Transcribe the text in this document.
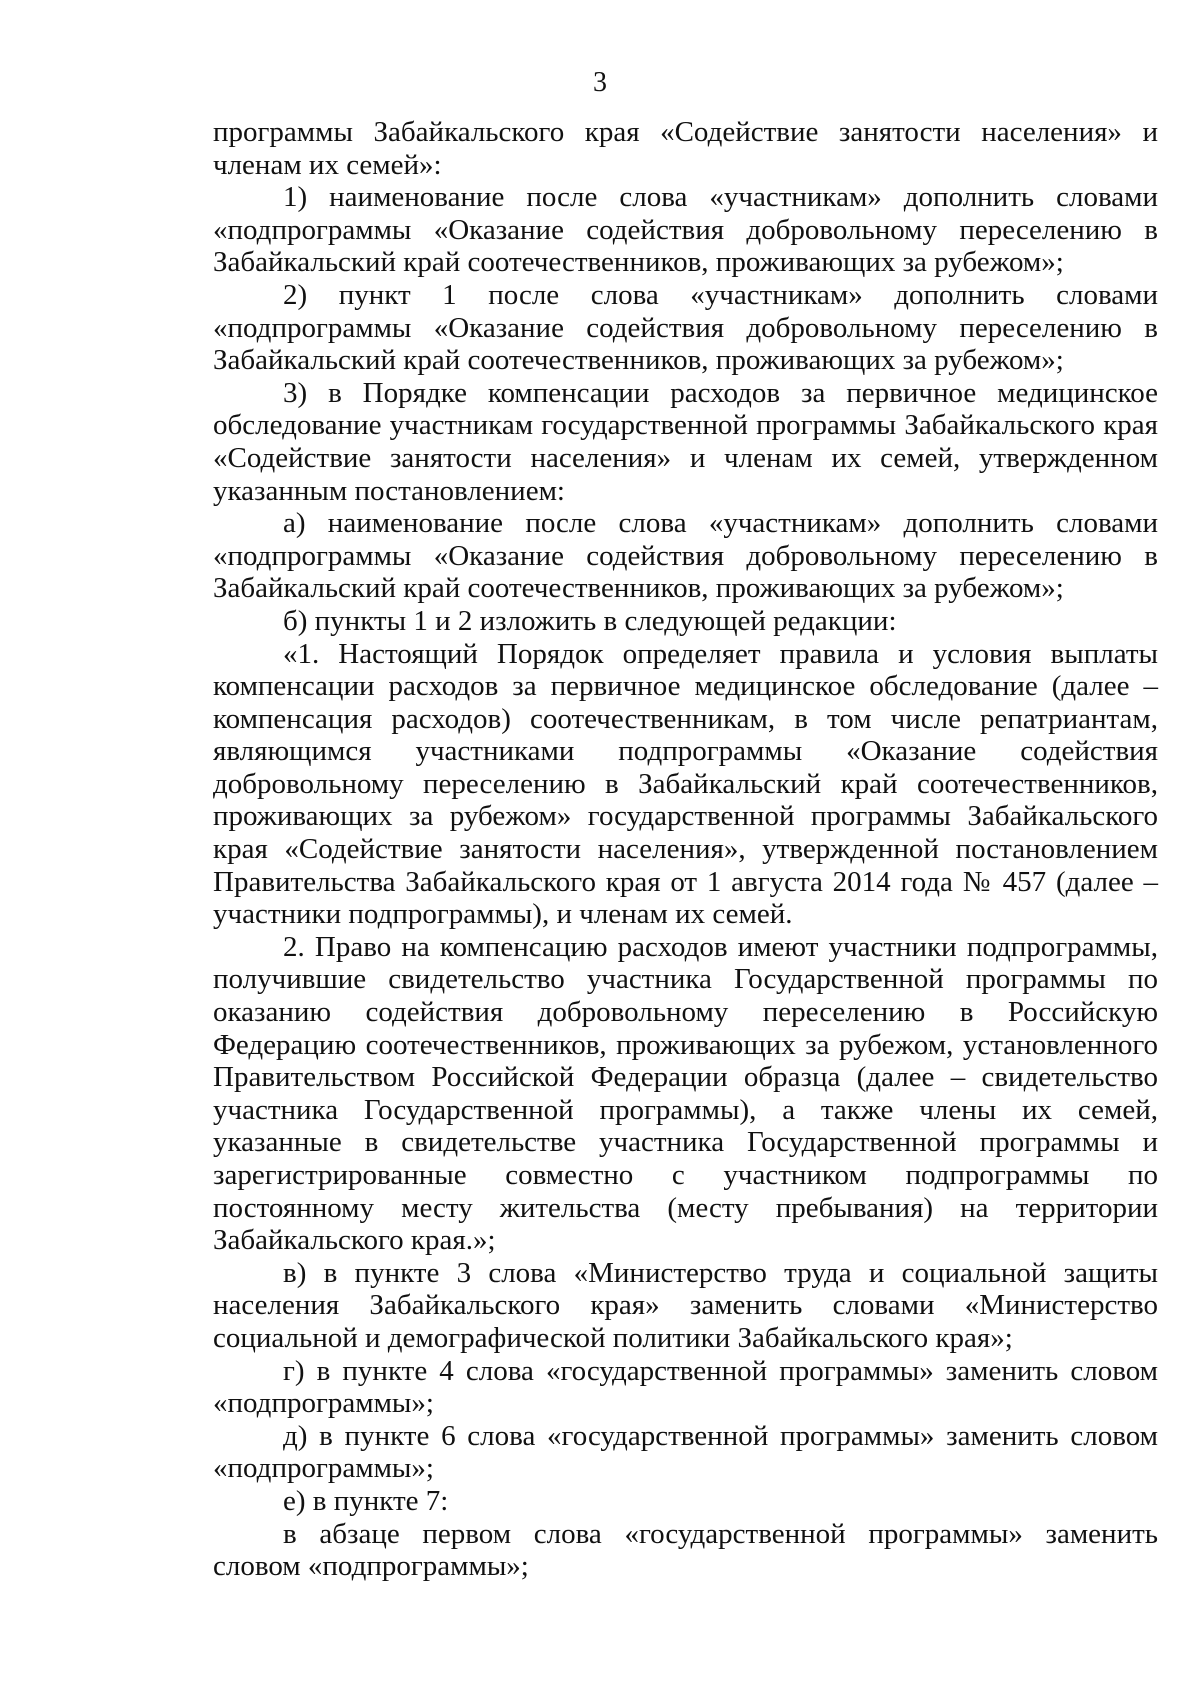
3

программы Забайкальского края «Содействие занятости населения» и членам их семей»:

1) наименование после слова «участникам» дополнить словами «подпрограммы «Оказание содействия добровольному переселению в Забайкальский край соотечественников, проживающих за рубежом»;

2) пункт 1 после слова «участникам» дополнить словами «подпрограммы «Оказание содействия добровольному переселению в Забайкальский край соотечественников, проживающих за рубежом»;

3) в Порядке компенсации расходов за первичное медицинское обследование участникам государственной программы Забайкальского края «Содействие занятости населения» и членам их семей, утвержденном указанным постановлением:

а) наименование после слова «участникам» дополнить словами «подпрограммы «Оказание содействия добровольному переселению в Забайкальский край соотечественников, проживающих за рубежом»;

б) пункты 1 и 2 изложить в следующей редакции:

«1. Настоящий Порядок определяет правила и условия выплаты компенсации расходов за первичное медицинское обследование (далее – компенсация расходов) соотечественникам, в том числе репатриантам, являющимся участниками подпрограммы «Оказание содействия добровольному переселению в Забайкальский край соотечественников, проживающих за рубежом» государственной программы Забайкальского края «Содействие занятости населения», утвержденной постановлением Правительства Забайкальского края от 1 августа 2014 года № 457 (далее – участники подпрограммы), и членам их семей.

2. Право на компенсацию расходов имеют участники подпрограммы, получившие свидетельство участника Государственной программы по оказанию содействия добровольному переселению в Российскую Федерацию соотечественников, проживающих за рубежом, установленного Правительством Российской Федерации образца (далее – свидетельство участника Государственной программы), а также члены их семей, указанные в свидетельстве участника Государственной программы и зарегистрированные совместно с участником подпрограммы по постоянному месту жительства (месту пребывания) на территории Забайкальского края.»;

в) в пункте 3 слова «Министерство труда и социальной защиты населения Забайкальского края» заменить словами «Министерство социальной и демографической политики Забайкальского края»;

г) в пункте 4 слова «государственной программы» заменить словом «подпрограммы»;

д) в пункте 6 слова «государственной программы» заменить словом «подпрограммы»;

е) в пункте 7:

в абзаце первом слова «государственной программы» заменить словом «подпрограммы»;
